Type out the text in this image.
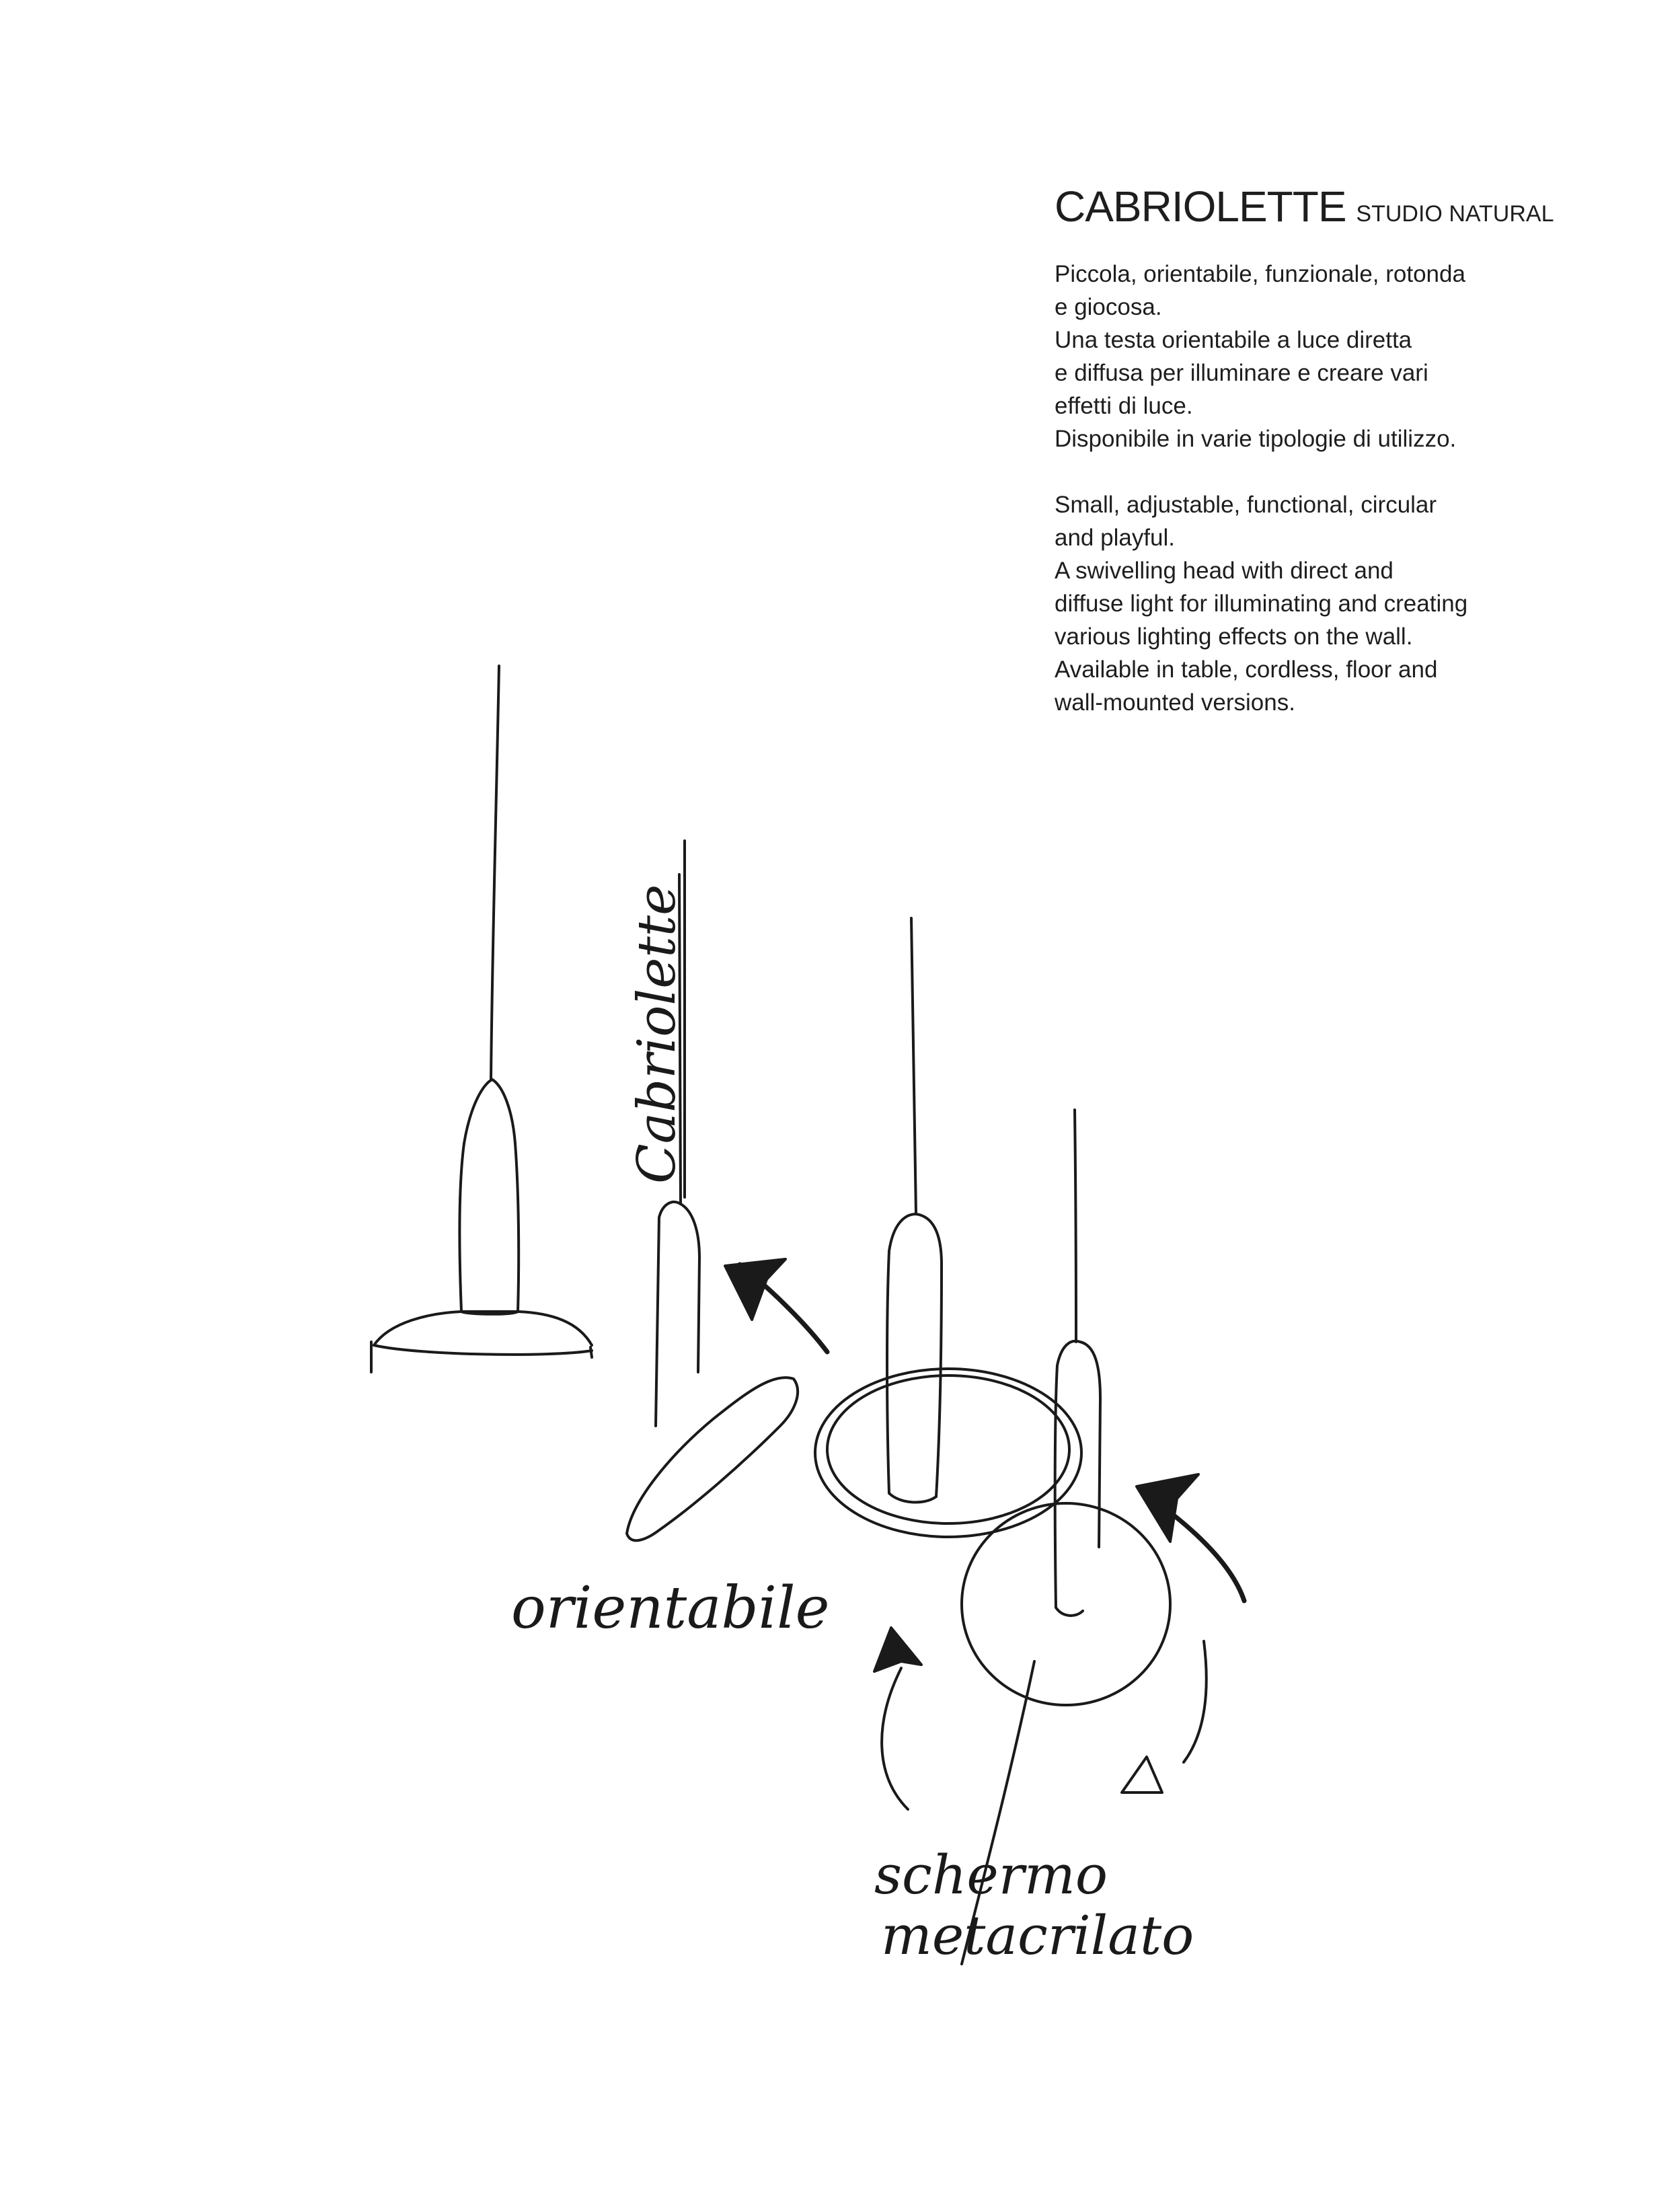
CABRIOLETTE STUDIO NATURAL

Piccola, orientabile, funzionale, rotonda
e giocosa.
Una testa orientabile a luce diretta
e diffusa per illuminare e creare vari
effetti di luce.
Disponibile in varie tipologie di utilizzo.

Small, adjustable, functional, circular
and playful.
A swivelling head with direct and
diffuse light for illuminating and creating
various lighting effects on the wall.
Available in table, cordless, floor and
wall-mounted versions.

Cabriolette
orientabile
schermo
metacrilato
